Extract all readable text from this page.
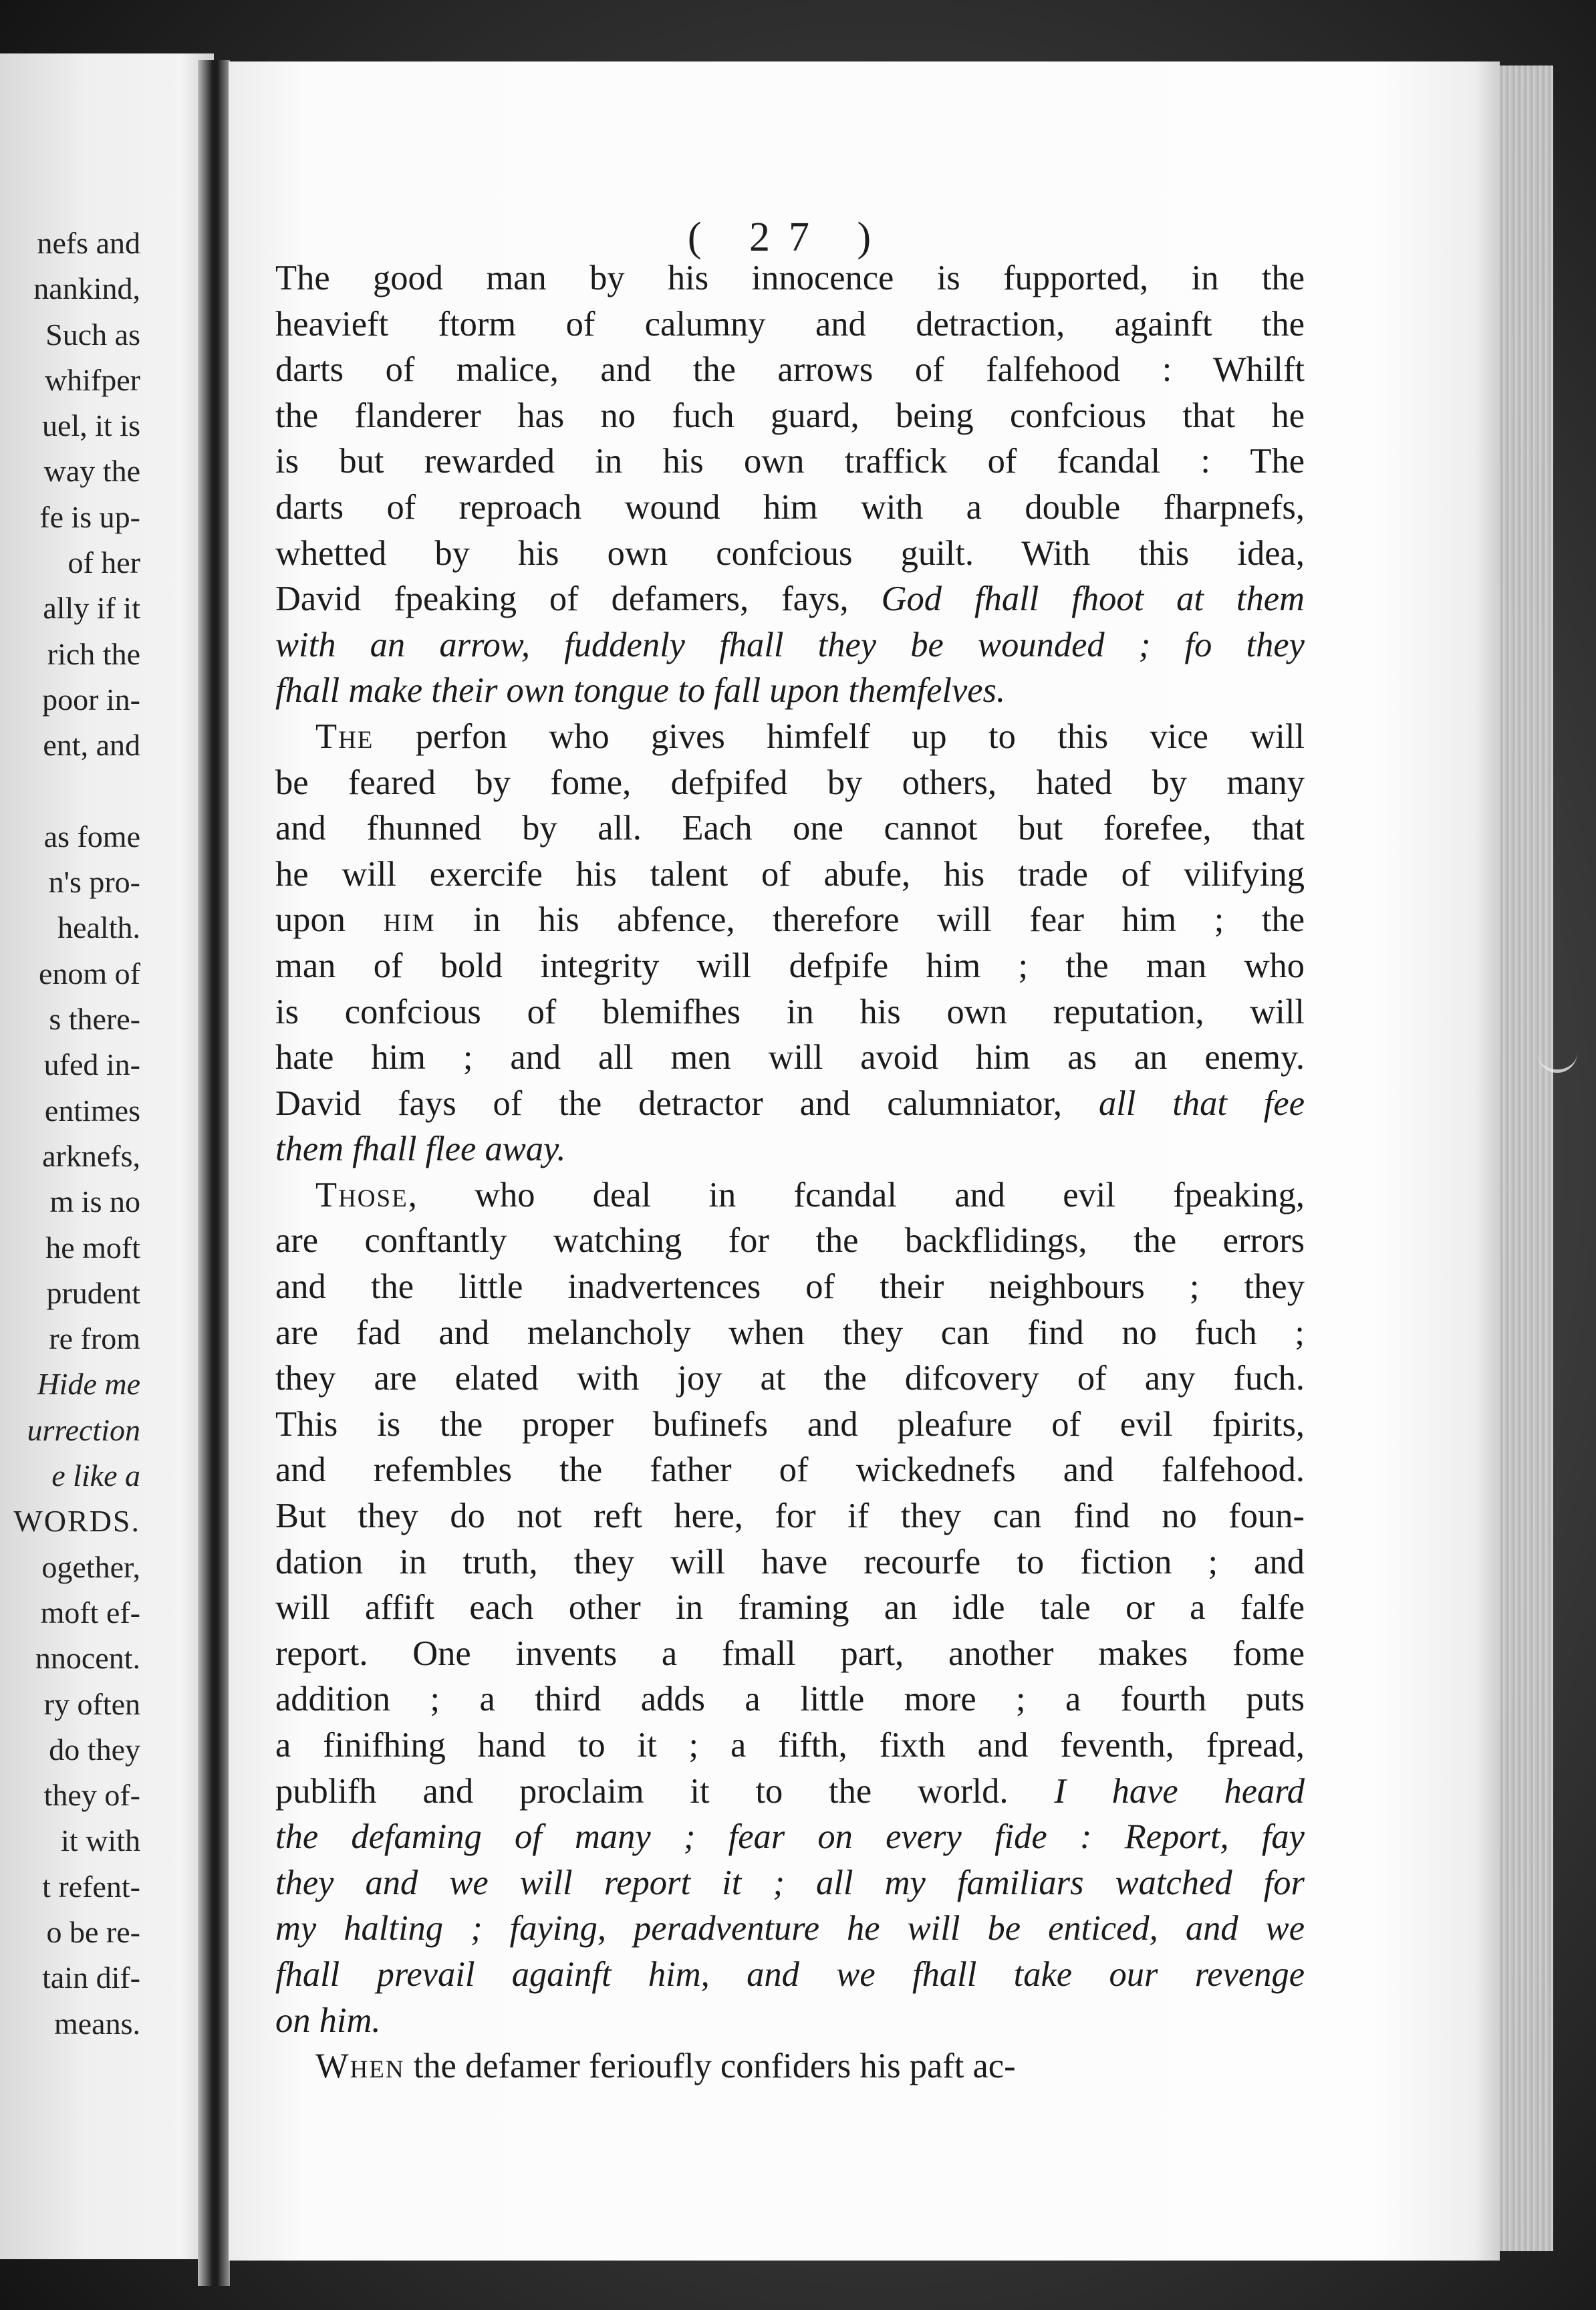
nefs and
nankind,
Such as
whifper
uel, it is
way the
fe is up-
of her
ally if it
rich the
poor in-
ent, and
as fome
n's pro-
health.
enom of
s there-
ufed in-
entimes
arknefs,
m is no
he moft
prudent
re from
Hide me
urrection
e like a
WORDS.
ogether,
moft ef-
nnocent.
ry often
do they
they of-
it with
t refent-
o be re-
tain dif-
means.
( 27 )
The good man by his innocence is fupported, in the
heavieft ftorm of calumny and detraction, againft the
darts of malice, and the arrows of falfehood : Whilft
the flanderer has no fuch guard, being confcious that he
is but rewarded in his own traffick of fcandal : The
darts of reproach wound him with a double fharpnefs,
whetted by his own confcious guilt. With this idea,
David fpeaking of defamers, fays, God fhall fhoot at them
with an arrow, fuddenly fhall they be wounded ; fo they
fhall make their own tongue to fall upon themfelves.
The perfon who gives himfelf up to this vice will
be feared by fome, defpifed by others, hated by many
and fhunned by all. Each one cannot but forefee, that
he will exercife his talent of abufe, his trade of vilifying
upon him in his abfence, therefore will fear him ; the
man of bold integrity will defpife him ; the man who
is confcious of blemifhes in his own reputation, will
hate him ; and all men will avoid him as an enemy.
David fays of the detractor and calumniator, all that fee
them fhall flee away.
Those, who deal in fcandal and evil fpeaking,
are conftantly watching for the backflidings, the errors
and the little inadvertences of their neighbours ; they
are fad and melancholy when they can find no fuch ;
they are elated with joy at the difcovery of any fuch.
This is the proper bufinefs and pleafure of evil fpirits,
and refembles the father of wickednefs and falfehood.
But they do not reft here, for if they can find no foun-
dation in truth, they will have recourfe to fiction ; and
will affift each other in framing an idle tale or a falfe
report. One invents a fmall part, another makes fome
addition ; a third adds a little more ; a fourth puts
a finifhing hand to it ; a fifth, fixth and feventh, fpread,
publifh and proclaim it to the world. I have heard
the defaming of many ; fear on every fide : Report, fay
they and we will report it ; all my familiars watched for
my halting ; faying, peradventure he will be enticed, and we
fhall prevail againft him, and we fhall take our revenge
on him.
When the defamer ferioufly confiders his paft ac-
